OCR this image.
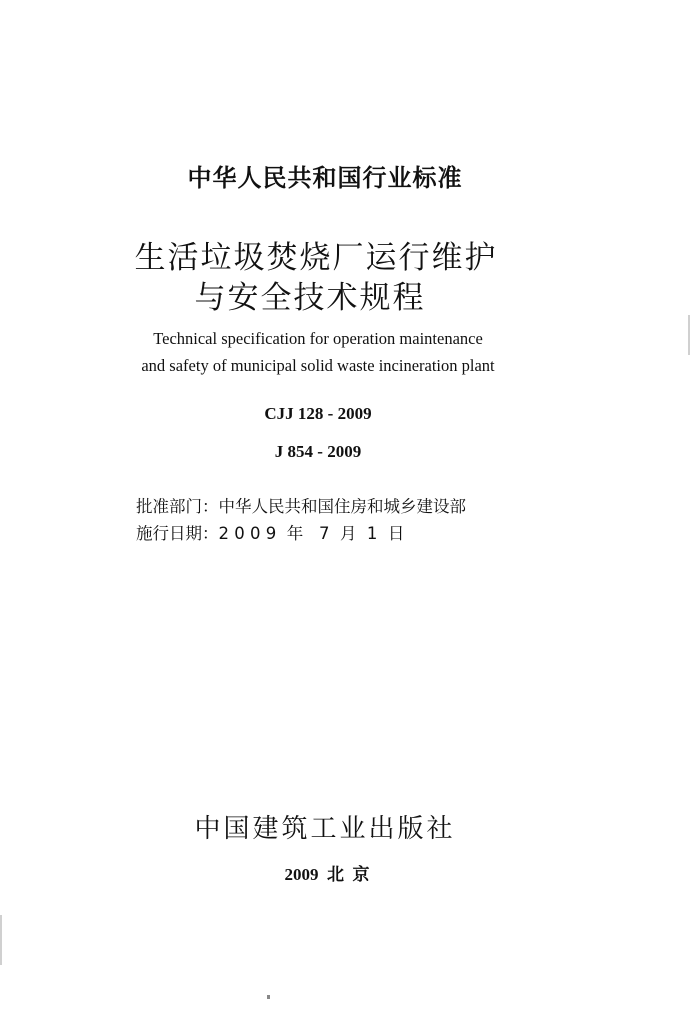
中华人民共和国行业标准
生活垃圾焚烧厂运行维护
与安全技术规程
Technical specification for operation maintenance
and safety of municipal solid waste incineration plant
CJJ 128 - 2009
J 854 - 2009
批准部门：中华人民共和国住房和城乡建设部
施行日期：2 0 0 9  年   7  月  1  日
中国建筑工业出版社
2009  北  京
